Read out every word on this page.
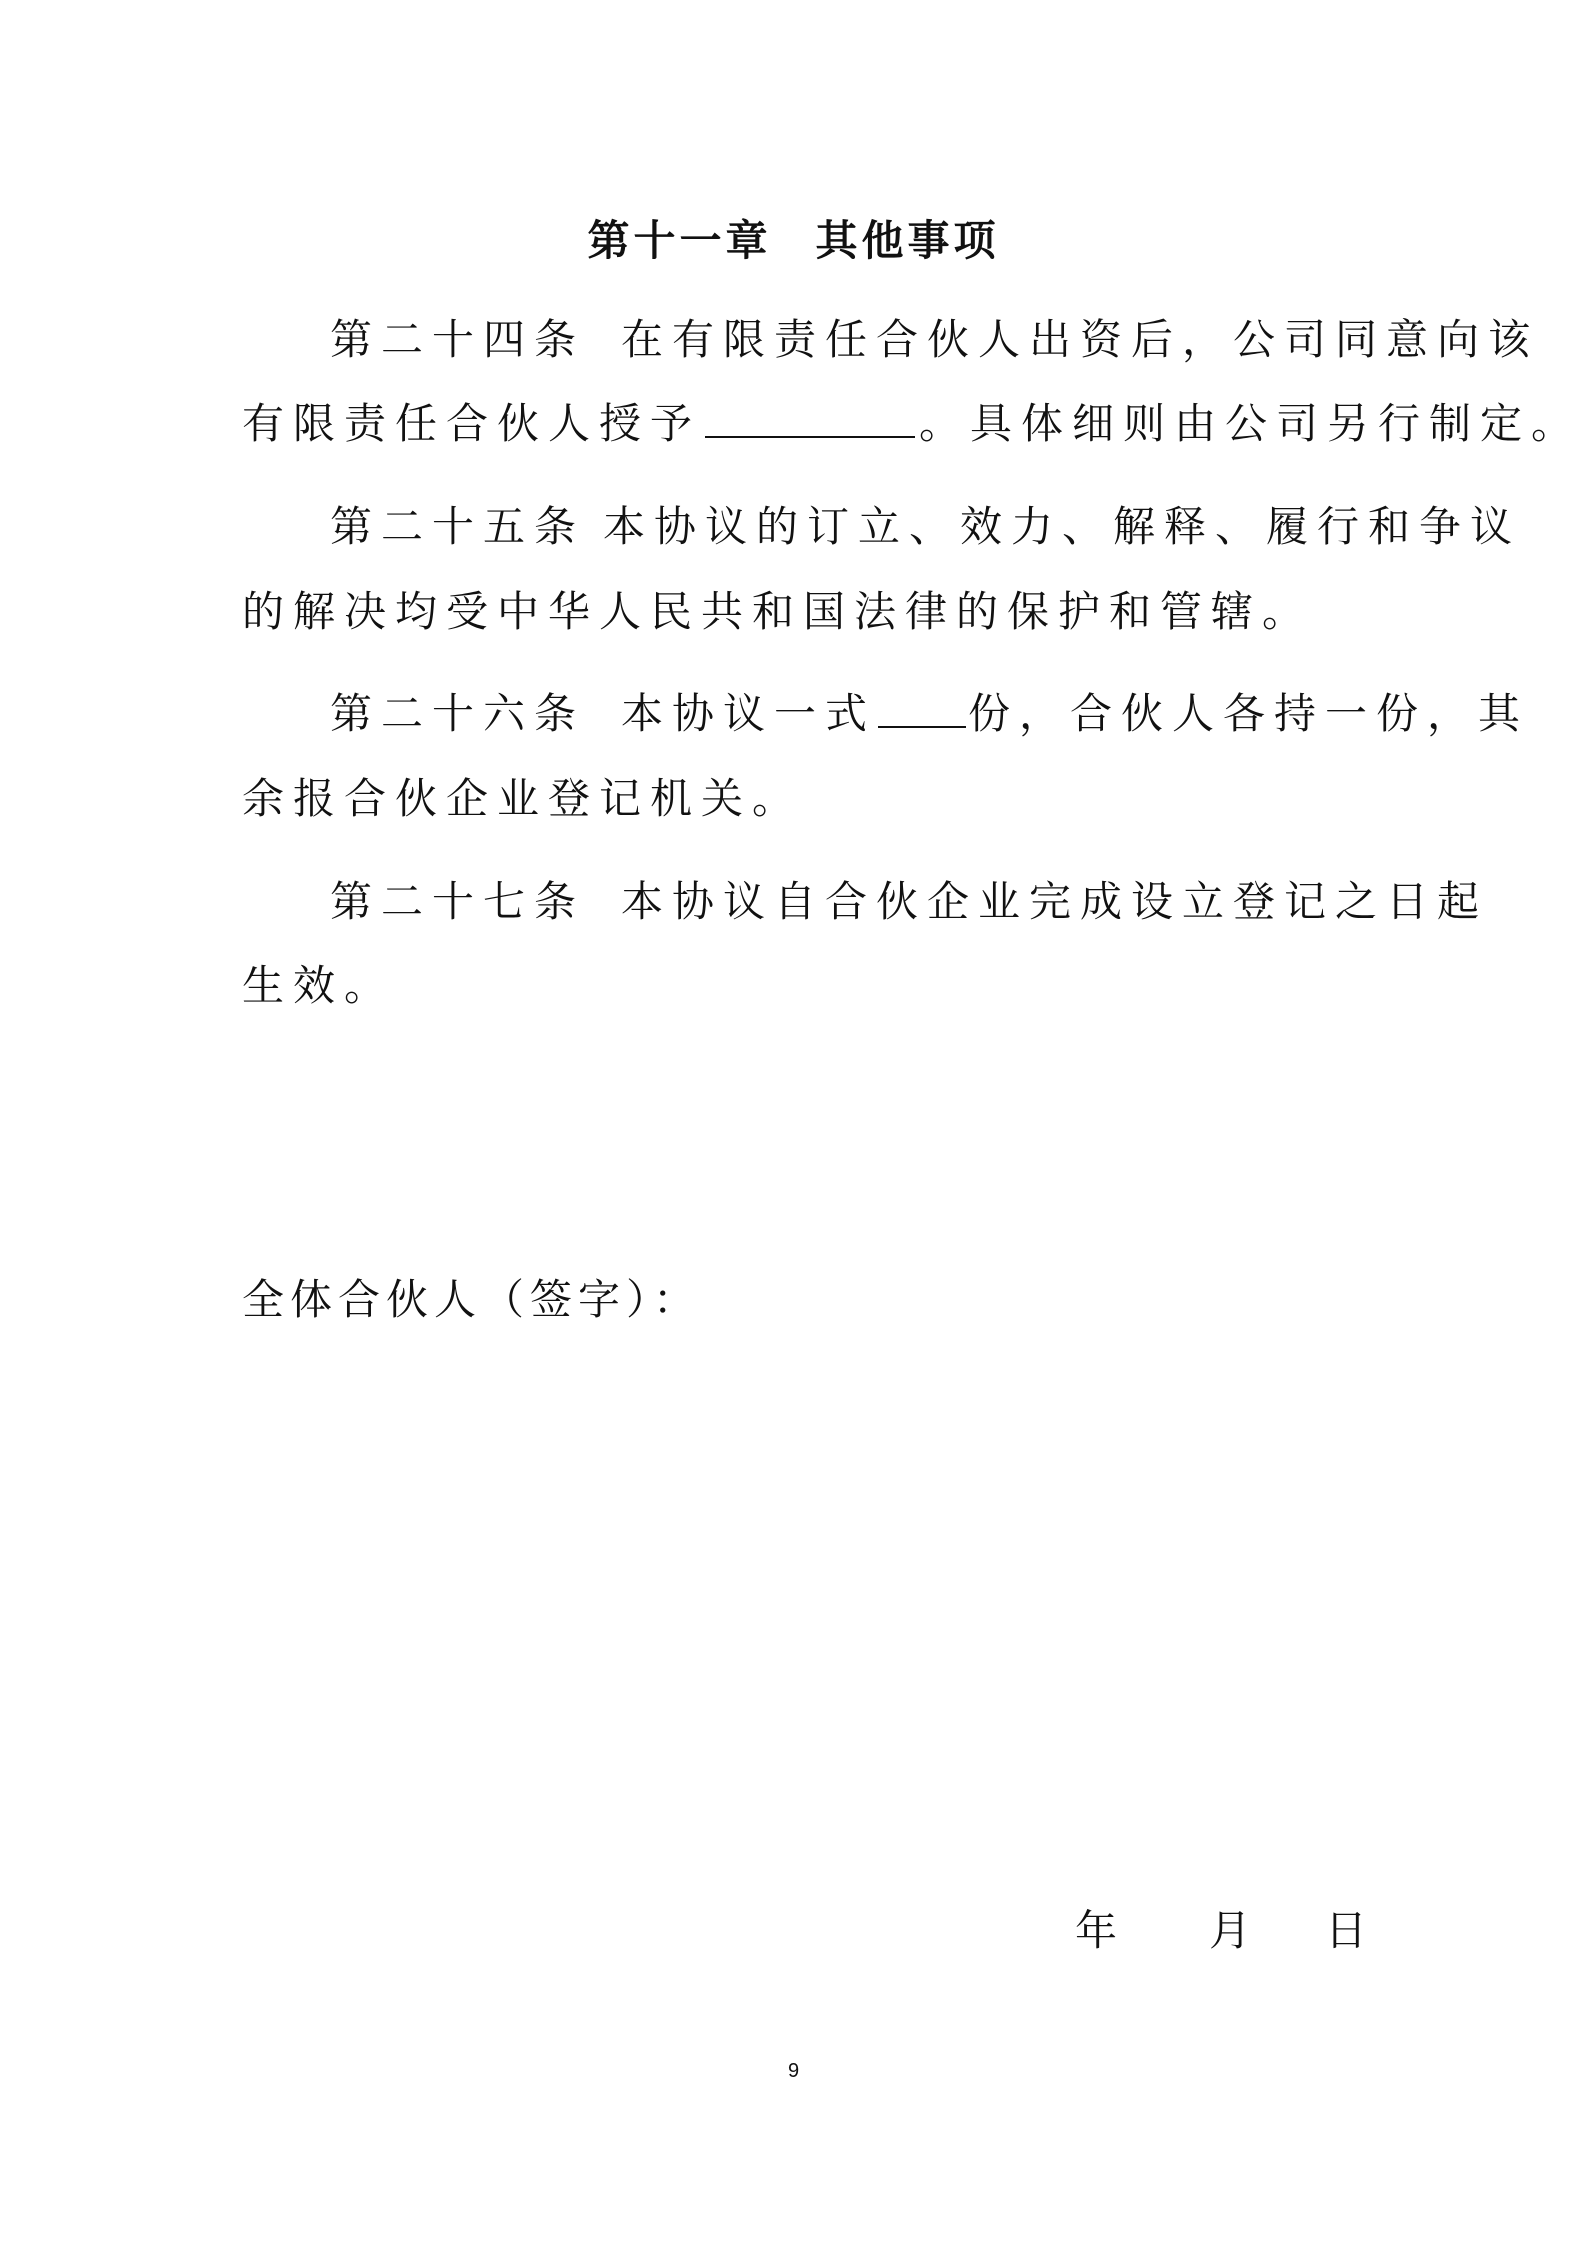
第十一章 其他事项
第二十四条 在有限责任合伙人出资后，公司同意向该
有限责任合伙人授予	。具体细则由公司另行制定。
第二十五条 本协议的订立、效力、解释、履行和争议
的解决均受中华人民共和国法律的保护和管辖。
第二十六条 本协议一式 份，合伙人各持一份，其
余报合伙企业登记机关。
第二十七条 本协议自合伙企业完成设立登记之日起
生效。
全体合伙人（签字）：
年 月 日
9
